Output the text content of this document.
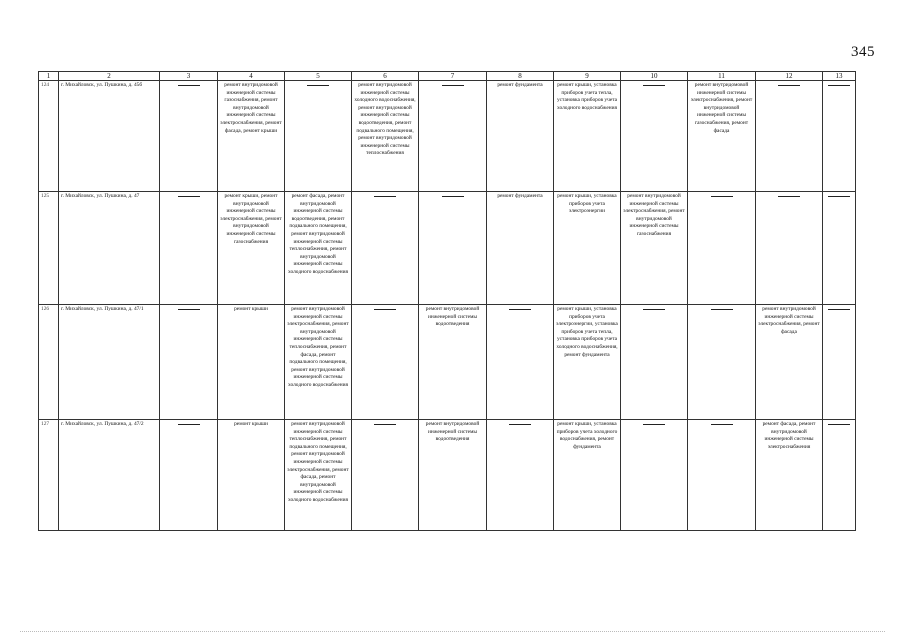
345
1	2	3	4	5	6	7	8	9	10	11	12	13
124	г. Михайловск, ул. Пушкина, д. 45б		ремонт внутридомовой инженерной системы газоснабжения, ремонт внутридомовой инженерной системы электроснабжения, ремонт фасада, ремонт крыши		ремонт внутридомовой инженерной системы холодного водоснабжения, ремонт внутридомовой инженерной системы водоотведения, ремонт подвального помещения, ремонт внутридомовой инженерной системы теплоснабжения		ремонт фундамента	ремонт крыши, установка приборов учета тепла, установка приборов учета холодного водоснабжения		ремонт внутридомовой инженерной системы электроснабжения, ремонт внутридомовой инженерной системы газоснабжения, ремонт фасада		
125	г. Михайловск, ул. Пушкина, д. 47		ремонт крыши, ремонт внутридомовой инженерной системы электроснабжения, ремонт внутридомовой инженерной системы газоснабжения	ремонт фасада, ремонт внутридомовой инженерной системы водоотведения, ремонт подвального помещения, ремонт внутридомовой инженерной системы теплоснабжения, ремонт внутридомовой инженерной системы холодного водоснабжения			ремонт фундамента	ремонт крыши, установка приборов учета электроэнергии	ремонт внутридомовой инженерной системы электроснабжения, ремонт внутридомовой инженерной системы газоснабжения			
126	г. Михайловск, ул. Пушкина, д. 47/1		ремонт крыши	ремонт внутридомовой инженерной системы электроснабжения, ремонт внутридомовой инженерной системы теплоснабжения, ремонт фасада, ремонт подвального помещения, ремонт внутридомовой инженерной системы холодного водоснабжения		ремонт внутридомовой инженерной системы водоотведения		ремонт крыши, установка приборов учета электроэнергии, установка приборов учета тепла, установка приборов учета холодного водоснабжения, ремонт фундамента			ремонт внутридомовой инженерной системы электроснабжения, ремонт фасада	
127	г. Михайловск, ул. Пушкина, д. 47/2		ремонт крыши	ремонт внутридомовой инженерной системы теплоснабжения, ремонт подвального помещения, ремонт внутридомовой инженерной системы электроснабжения, ремонт фасада, ремонт внутридомовой инженерной системы холодного водоснабжения		ремонт внутридомовой инженерной системы водоотведения		ремонт крыши, установка приборов учета холодного водоснабжения, ремонт фундамента			ремонт фасада, ремонт внутридомовой инженерной системы электроснабжения	
